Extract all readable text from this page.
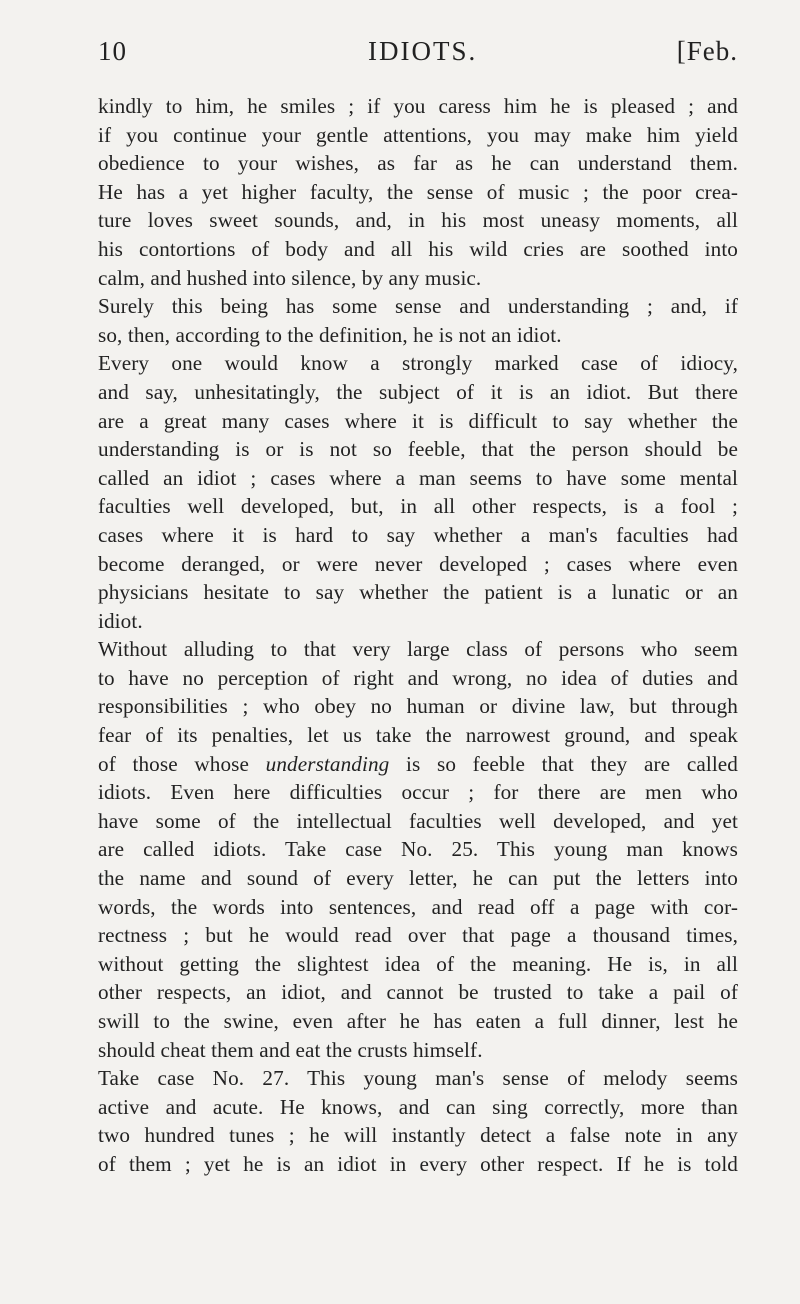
10	IDIOTS.	[Feb.
kindly to him, he smiles ; if you caress him he is pleased ; and
if you continue your gentle attentions, you may make him yield
obedience to your wishes, as far as he can understand them.
He has a yet higher faculty, the sense of music ; the poor crea-
ture loves sweet sounds, and, in his most uneasy moments, all
his contortions of body and all his wild cries are soothed into
calm, and hushed into silence, by any music.
Surely this being has some sense and understanding ; and, if
so, then, according to the definition, he is not an idiot.
Every one would know a strongly marked case of idiocy,
and say, unhesitatingly, the subject of it is an idiot. But there
are a great many cases where it is difficult to say whether the
understanding is or is not so feeble, that the person should be
called an idiot ; cases where a man seems to have some mental
faculties well developed, but, in all other respects, is a fool ;
cases where it is hard to say whether a man's faculties had
become deranged, or were never developed ; cases where even
physicians hesitate to say whether the patient is a lunatic or an
idiot.
Without alluding to that very large class of persons who seem
to have no perception of right and wrong, no idea of duties and
responsibilities ; who obey no human or divine law, but through
fear of its penalties, let us take the narrowest ground, and speak
of those whose understanding is so feeble that they are called
idiots. Even here difficulties occur ; for there are men who
have some of the intellectual faculties well developed, and yet
are called idiots. Take case No. 25. This young man knows
the name and sound of every letter, he can put the letters into
words, the words into sentences, and read off a page with cor-
rectness ; but he would read over that page a thousand times,
without getting the slightest idea of the meaning. He is, in all
other respects, an idiot, and cannot be trusted to take a pail of
swill to the swine, even after he has eaten a full dinner, lest he
should cheat them and eat the crusts himself.
Take case No. 27. This young man's sense of melody seems
active and acute. He knows, and can sing correctly, more than
two hundred tunes ; he will instantly detect a false note in any
of them ; yet he is an idiot in every other respect. If he is told
